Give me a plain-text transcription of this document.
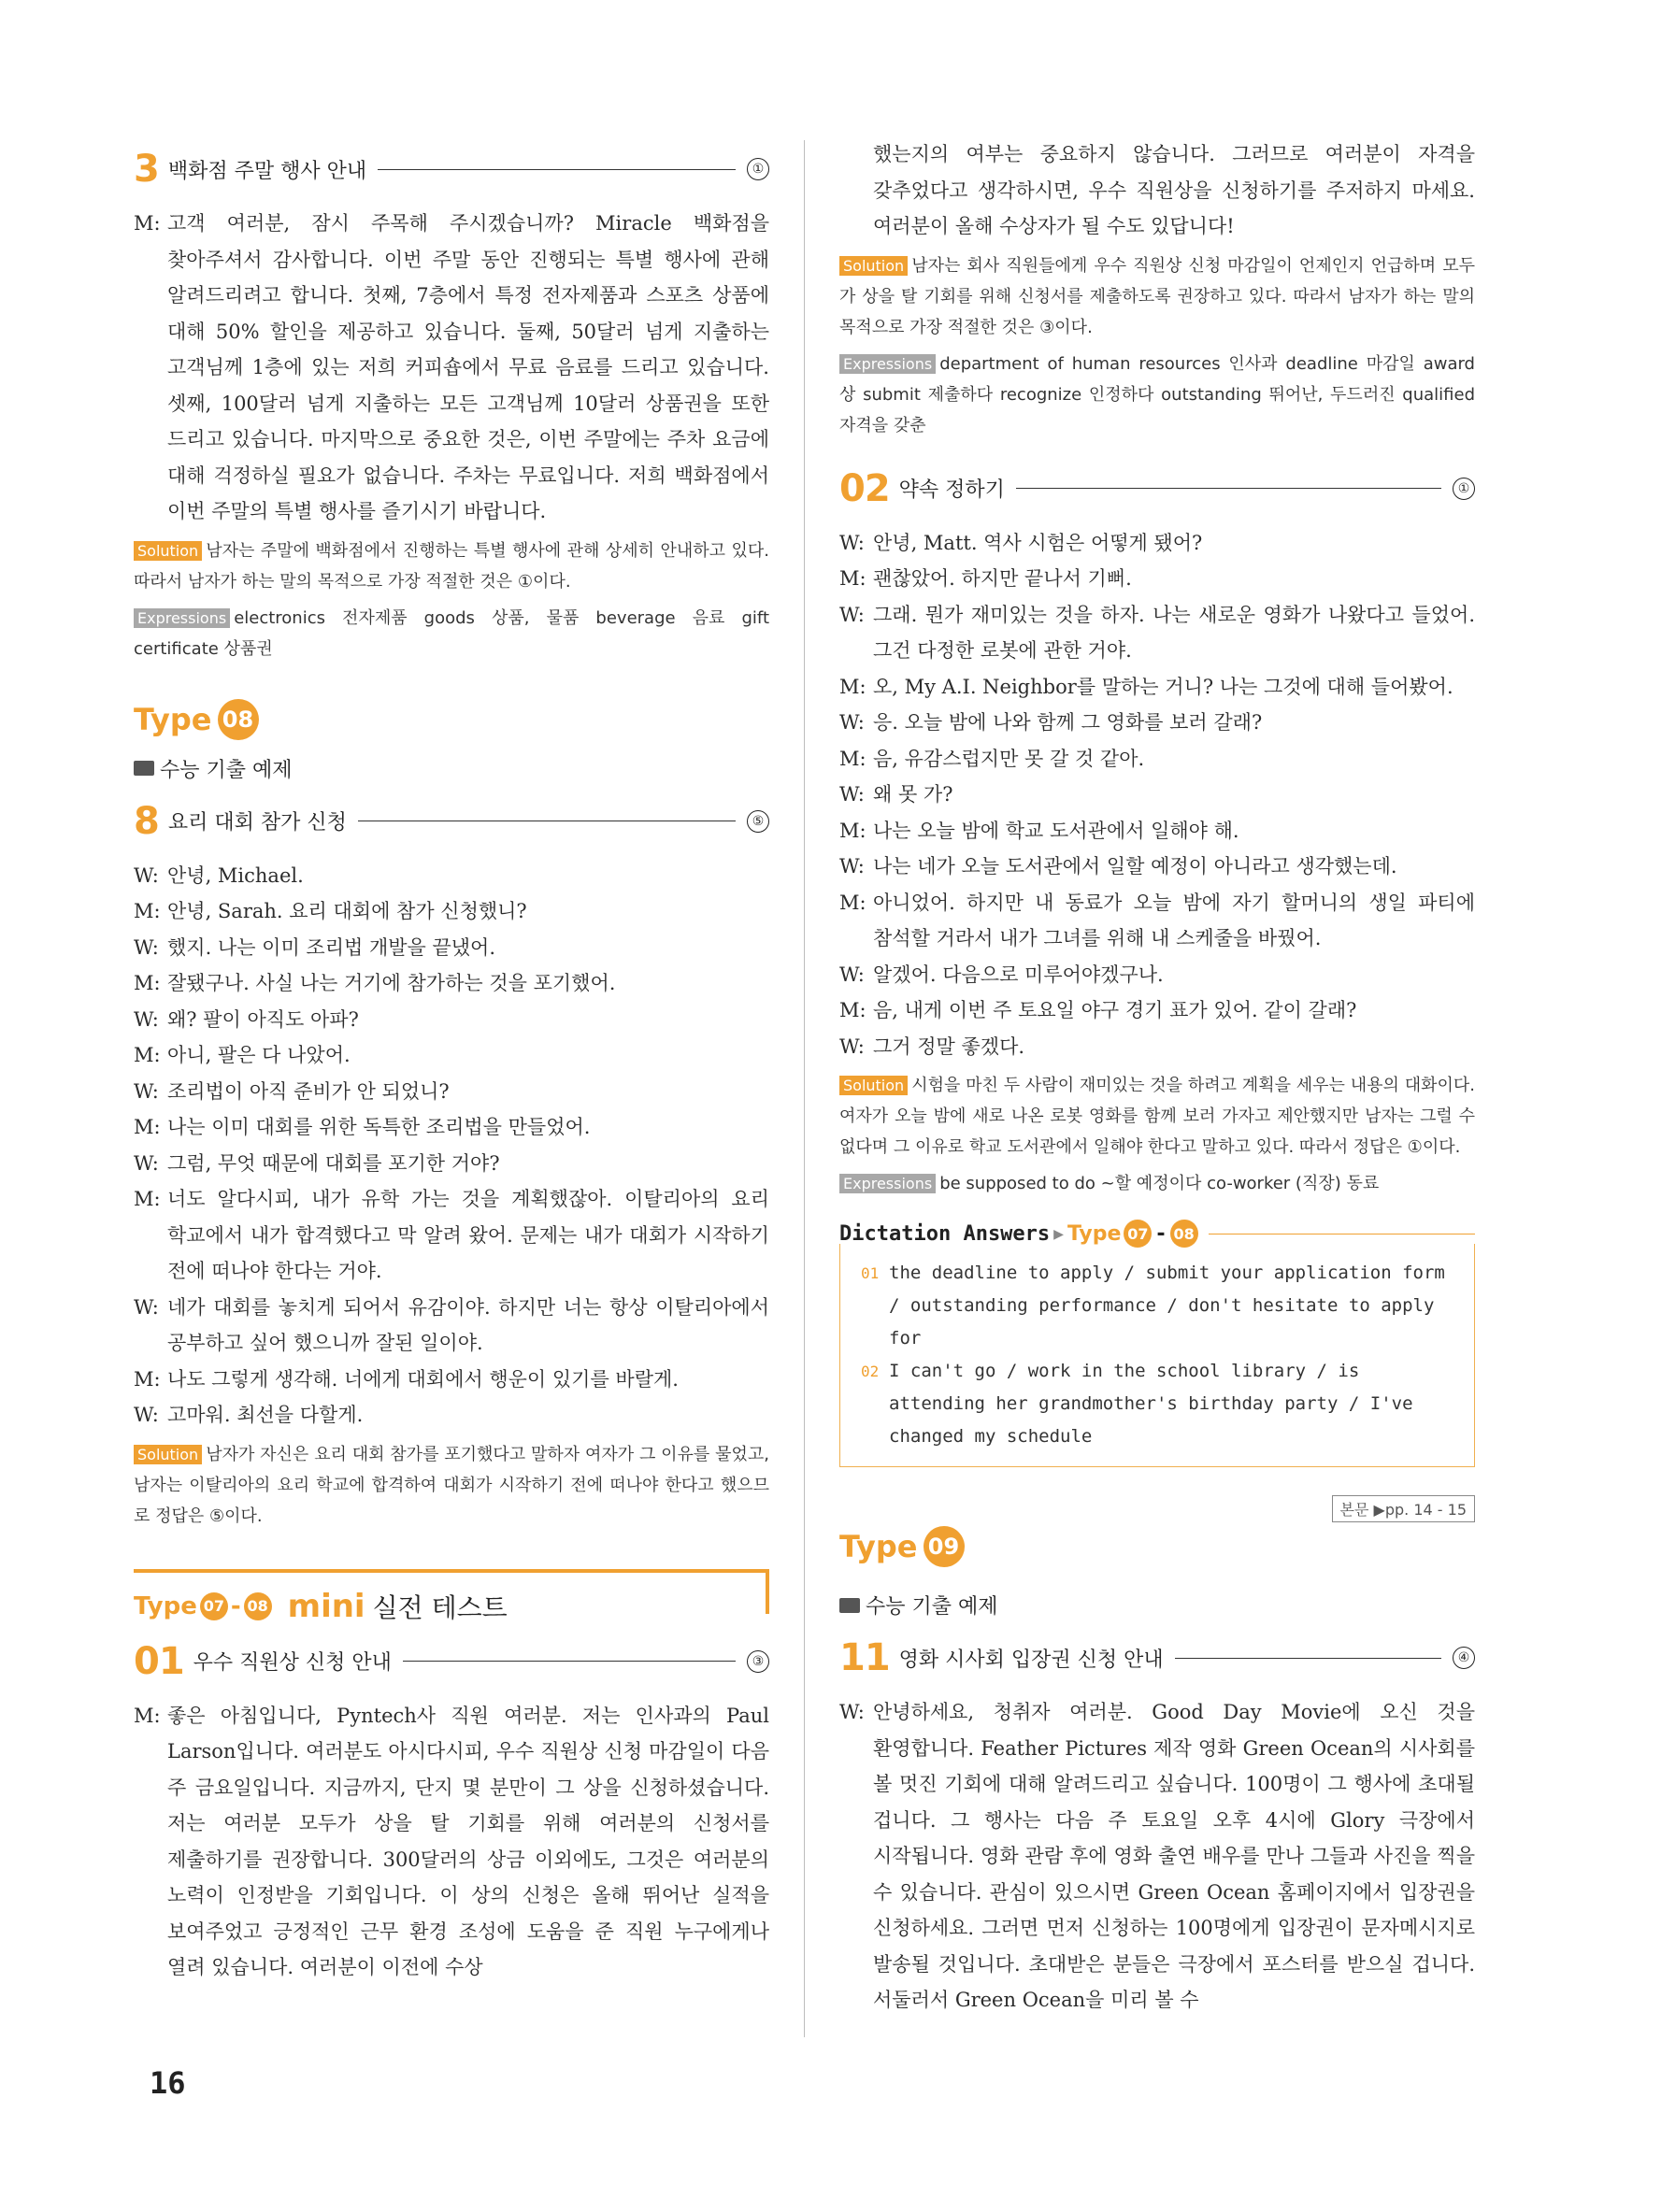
3 백화점 주말 행사 안내	①

M: 고객 여러분, 잠시 주목해 주시겠습니까? Miracle 백화점을 찾아주셔서 감사합니다. 이번 주말 동안 진행되는 특별 행사에 관해 알려드리려고 합니다. 첫째, 7층에서 특정 전자제품과 스포츠 상품에 대해 50% 할인을 제공하고 있습니다. 둘째, 50달러 넘게 지출하는 고객님께 1층에 있는 저희 커피숍에서 무료 음료를 드리고 있습니다. 셋째, 100달러 넘게 지출하는 모든 고객님께 10달러 상품권을 또한 드리고 있습니다. 마지막으로 중요한 것은, 이번 주말에는 주차 요금에 대해 걱정하실 필요가 없습니다. 주차는 무료입니다. 저희 백화점에서 이번 주말의 특별 행사를 즐기시기 바랍니다.

Solution 남자는 주말에 백화점에서 진행하는 특별 행사에 관해 상세히 안내하고 있다. 따라서 남자가 하는 말의 목적으로 가장 적절한 것은 ①이다.

Expressions electronics 전자제품 goods 상품, 물품 beverage 음료 gift certificate 상품권

Type 08
수능 기출 예제
8 요리 대회 참가 신청	⑤

W: 안녕, Michael.

M: 안녕, Sarah. 요리 대회에 참가 신청했니?

W: 했지. 나는 이미 조리법 개발을 끝냈어.

M: 잘됐구나. 사실 나는 거기에 참가하는 것을 포기했어.

W: 왜? 팔이 아직도 아파?

M: 아니, 팔은 다 나았어.

W: 조리법이 아직 준비가 안 되었니?

M: 나는 이미 대회를 위한 독특한 조리법을 만들었어.

W: 그럼, 무엇 때문에 대회를 포기한 거야?

M: 너도 알다시피, 내가 유학 가는 것을 계획했잖아. 이탈리아의 요리 학교에서 내가 합격했다고 막 알려 왔어. 문제는 내가 대회가 시작하기 전에 떠나야 한다는 거야.

W: 네가 대회를 놓치게 되어서 유감이야. 하지만 너는 항상 이탈리아에서 공부하고 싶어 했으니까 잘된 일이야.

M: 나도 그렇게 생각해. 너에게 대회에서 행운이 있기를 바랄게.

W: 고마워. 최선을 다할게.

Solution 남자가 자신은 요리 대회 참가를 포기했다고 말하자 여자가 그 이유를 물었고, 남자는 이탈리아의 요리 학교에 합격하여 대회가 시작하기 전에 떠나야 한다고 했으므로 정답은 ⑤이다.

Type 07 - 08 mini 실전 테스트
01 우수 직원상 신청 안내	③

M: 좋은 아침입니다, Pyntech사 직원 여러분. 저는 인사과의 Paul Larson입니다. 여러분도 아시다시피, 우수 직원상 신청 마감일이 다음 주 금요일입니다. 지금까지, 단지 몇 분만이 그 상을 신청하셨습니다. 저는 여러분 모두가 상을 탈 기회를 위해 여러분의 신청서를 제출하기를 권장합니다. 300달러의 상금 이외에도, 그것은 여러분의 노력이 인정받을 기회입니다. 이 상의 신청은 올해 뛰어난 실적을 보여주었고 긍정적인 근무 환경 조성에 도움을 준 직원 누구에게나 열려 있습니다. 여러분이 이전에 수상

했는지의 여부는 중요하지 않습니다. 그러므로 여러분이 자격을 갖추었다고 생각하시면, 우수 직원상을 신청하기를 주저하지 마세요. 여러분이 올해 수상자가 될 수도 있답니다!

Solution 남자는 회사 직원들에게 우수 직원상 신청 마감일이 언제인지 언급하며 모두가 상을 탈 기회를 위해 신청서를 제출하도록 권장하고 있다. 따라서 남자가 하는 말의 목적으로 가장 적절한 것은 ③이다.

Expressions department of human resources 인사과 deadline 마감일 award 상 submit 제출하다 recognize 인정하다 outstanding 뛰어난, 두드러진 qualified 자격을 갖춘

02 약속 정하기	①

W: 안녕, Matt. 역사 시험은 어떻게 됐어?

M: 괜찮았어. 하지만 끝나서 기뻐.

W: 그래. 뭔가 재미있는 것을 하자. 나는 새로운 영화가 나왔다고 들었어. 그건 다정한 로봇에 관한 거야.

M: 오, My A.I. Neighbor를 말하는 거니? 나는 그것에 대해 들어봤어.

W: 응. 오늘 밤에 나와 함께 그 영화를 보러 갈래?

M: 음, 유감스럽지만 못 갈 것 같아.

W: 왜 못 가?

M: 나는 오늘 밤에 학교 도서관에서 일해야 해.

W: 나는 네가 오늘 도서관에서 일할 예정이 아니라고 생각했는데.

M: 아니었어. 하지만 내 동료가 오늘 밤에 자기 할머니의 생일 파티에 참석할 거라서 내가 그녀를 위해 내 스케줄을 바꿨어.

W: 알겠어. 다음으로 미루어야겠구나.

M: 음, 내게 이번 주 토요일 야구 경기 표가 있어. 같이 갈래?

W: 그거 정말 좋겠다.

Solution 시험을 마친 두 사람이 재미있는 것을 하려고 계획을 세우는 내용의 대화이다. 여자가 오늘 밤에 새로 나온 로봇 영화를 함께 보러 가자고 제안했지만 남자는 그럴 수 없다며 그 이유로 학교 도서관에서 일해야 한다고 말하고 있다. 따라서 정답은 ①이다.

Expressions be supposed to do ~할 예정이다 co-worker (직장) 동료

Dictation Answers ▶ Type 07 - 08
01 the deadline to apply / submit your application form / outstanding performance / don't hesitate to apply for
02 I can't go / work in the school library / is attending her grandmother's birthday party / I've changed my schedule
본문 ▶pp. 14 - 15
Type 09
수능 기출 예제
11 영화 시사회 입장권 신청 안내	④

W: 안녕하세요, 청취자 여러분. Good Day Movie에 오신 것을 환영합니다. Feather Pictures 제작 영화 Green Ocean의 시사회를 볼 멋진 기회에 대해 알려드리고 싶습니다. 100명이 그 행사에 초대될 겁니다. 그 행사는 다음 주 토요일 오후 4시에 Glory 극장에서 시작됩니다. 영화 관람 후에 영화 출연 배우를 만나 그들과 사진을 찍을 수 있습니다. 관심이 있으시면 Green Ocean 홈페이지에서 입장권을 신청하세요. 그러면 먼저 신청하는 100명에게 입장권이 문자메시지로 발송될 것입니다. 초대받은 분들은 극장에서 포스터를 받으실 겁니다. 서둘러서 Green Ocean을 미리 볼 수

16
